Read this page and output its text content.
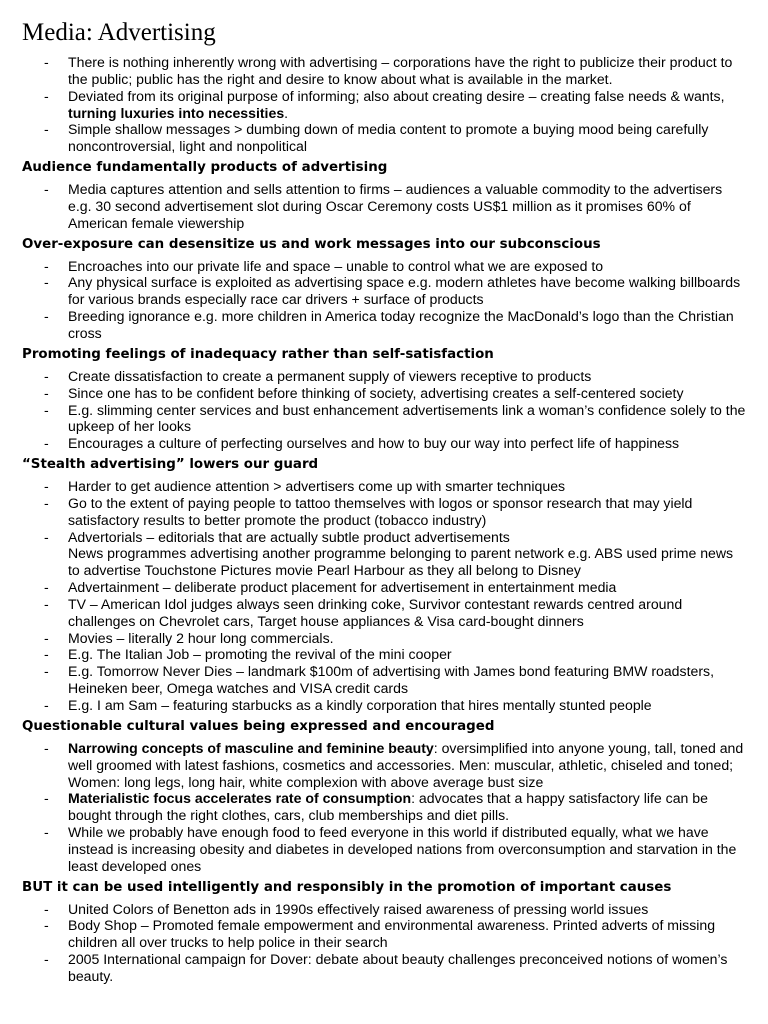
Media: Advertising
- There is nothing inherently wrong with advertising – corporations have the right to publicize their product to the public; public has the right and desire to know about what is available in the market.
- Deviated from its original purpose of informing; also about creating desire – creating false needs & wants, turning luxuries into necessities.
- Simple shallow messages > dumbing down of media content to promote a buying mood being carefully noncontroversial, light and nonpolitical
Audience fundamentally products of advertising
- Media captures attention and sells attention to firms – audiences a valuable commodity to the advertisers e.g. 30 second advertisement slot during Oscar Ceremony costs US$1 million as it promises 60% of American female viewership
Over-exposure can desensitize us and work messages into our subconscious
- Encroaches into our private life and space – unable to control what we are exposed to
- Any physical surface is exploited as advertising space e.g. modern athletes have become walking billboards for various brands especially race car drivers + surface of products
- Breeding ignorance e.g. more children in America today recognize the MacDonald’s logo than the Christian cross
Promoting feelings of inadequacy rather than self-satisfaction
- Create dissatisfaction to create a permanent supply of viewers receptive to products
- Since one has to be confident before thinking of society, advertising creates a self-centered society
- E.g. slimming center services and bust enhancement advertisements link a woman’s confidence solely to the upkeep of her looks
- Encourages a culture of perfecting ourselves and how to buy our way into perfect life of happiness
“Stealth advertising” lowers our guard
- Harder to get audience attention > advertisers come up with smarter techniques
- Go to the extent of paying people to tattoo themselves with logos or sponsor research that may yield satisfactory results to better promote the product (tobacco industry)
- Advertorials – editorials that are actually subtle product advertisements
News programmes advertising another programme belonging to parent network e.g. ABS used prime news to advertise Touchstone Pictures movie Pearl Harbour as they all belong to Disney
- Advertainment – deliberate product placement for advertisement in entertainment media
- TV – American Idol judges always seen drinking coke, Survivor contestant rewards centred around challenges on Chevrolet cars, Target house appliances & Visa card-bought dinners
- Movies – literally 2 hour long commercials.
- E.g. The Italian Job – promoting the revival of the mini cooper
- E.g. Tomorrow Never Dies – landmark $100m of advertising with James bond featuring BMW roadsters, Heineken beer, Omega watches and VISA credit cards
- E.g. I am Sam – featuring starbucks as a kindly corporation that hires mentally stunted people
Questionable cultural values being expressed and encouraged
- Narrowing concepts of masculine and feminine beauty: oversimplified into anyone young, tall, toned and well groomed with latest fashions, cosmetics and accessories. Men: muscular, athletic, chiseled and toned; Women: long legs, long hair, white complexion with above average bust size
- Materialistic focus accelerates rate of consumption: advocates that a happy satisfactory life can be bought through the right clothes, cars, club memberships and diet pills.
- While we probably have enough food to feed everyone in this world if distributed equally, what we have instead is increasing obesity and diabetes in developed nations from overconsumption and starvation in the least developed ones
BUT it can be used intelligently and responsibly in the promotion of important causes
- United Colors of Benetton ads in 1990s effectively raised awareness of pressing world issues
- Body Shop – Promoted female empowerment and environmental awareness. Printed adverts of missing children all over trucks to help police in their search
- 2005 International campaign for Dover: debate about beauty challenges preconceived notions of women’s beauty.
